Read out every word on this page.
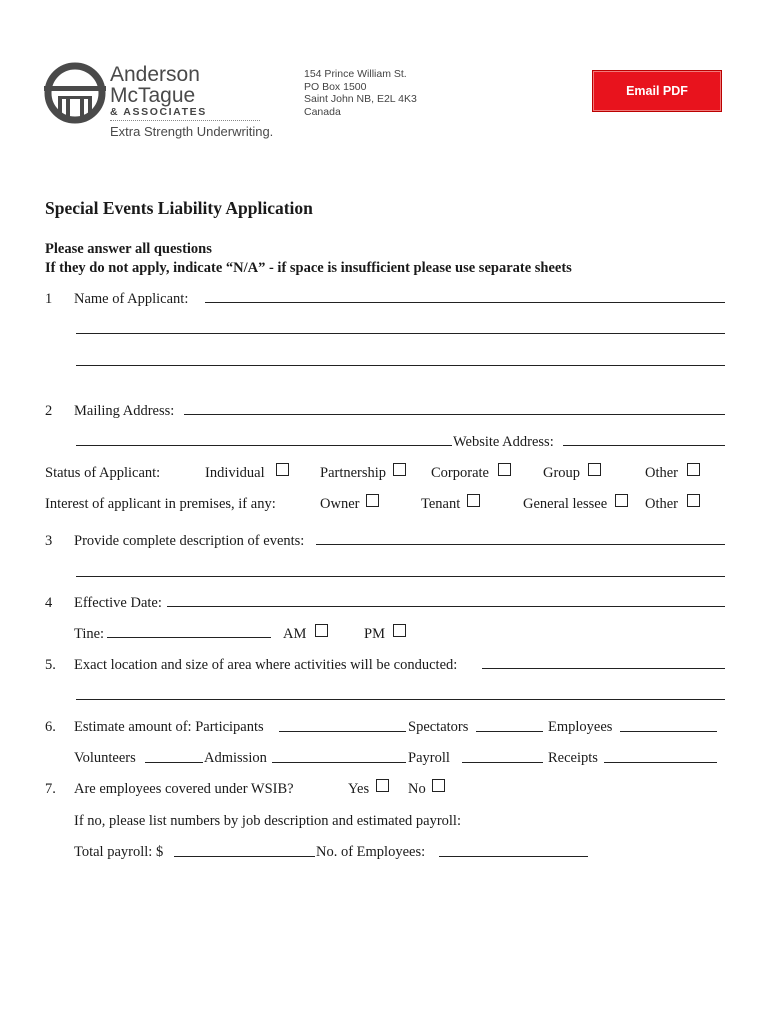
Anderson
McTague
& ASSOCIATES
Extra Strength Underwriting.
154 Prince William St.
PO Box 1500
Saint John NB, E2L 4K3
Canada
Email PDF
Special Events Liability Application
Please answer all questions
If they do not apply, indicate “N/A” - if space is insufficient please use separate sheets
1 Name of Applicant:
2 Mailing Address:
Website Address:
Status of Applicant:	Individual	Partnership	Corporate	Group	Other
Interest of applicant in premises, if any:	Owner	Tenant	General lessee	Other
3 Provide complete description of events:
4 Effective Date:
Tine:	AM	PM
5. Exact location and size of area where activities will be conducted:
6. Estimate amount of: Participants	Spectators	Employees
Volunteers	Admission	Payroll	Receipts
7. Are employees covered under WSIB?	Yes	No
If no, please list numbers by job description and estimated payroll:
Total payroll: $	No. of Employees:
